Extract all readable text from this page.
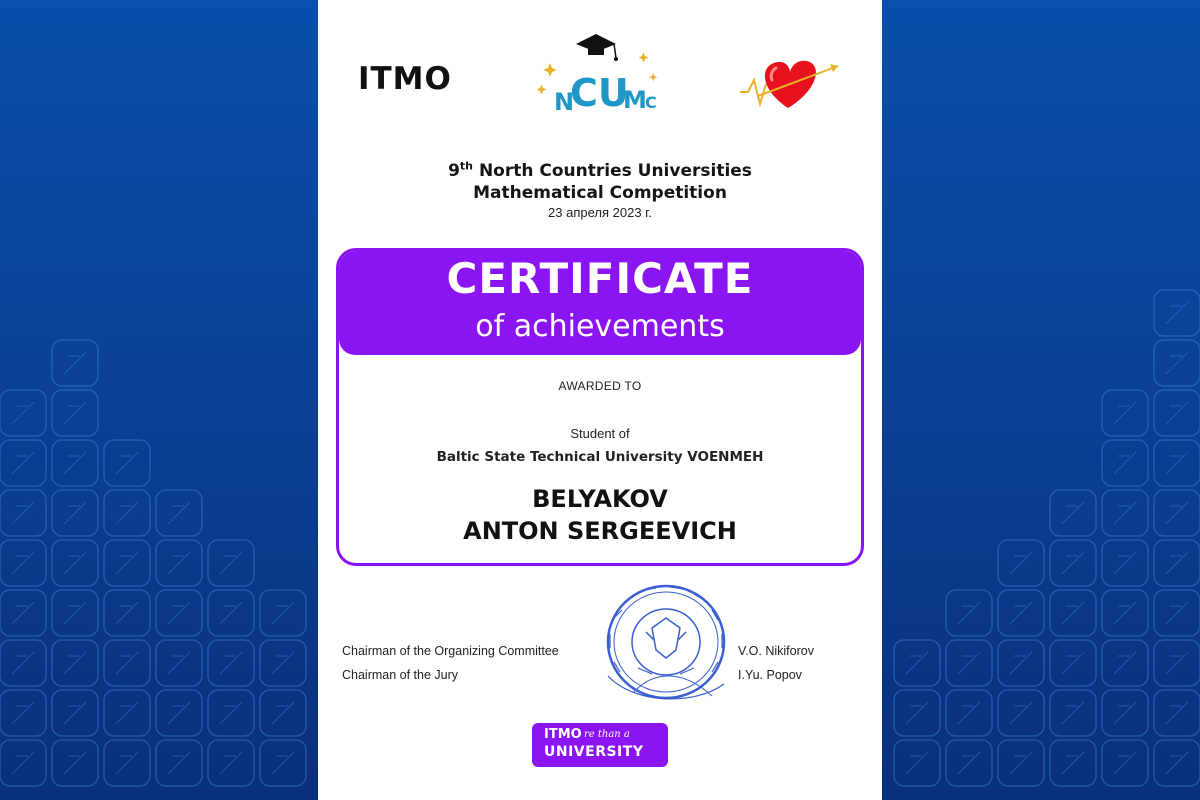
ITMO
N
CU
M
C
9th North Countries Universities
Mathematical Competition
23 апреля 2023 г.
CERTIFICATE
of achievements
AWARDED TO
Student of
Baltic State Technical University VOENMEH
BELYAKOV
ANTON SERGEEVICH
Chairman of the Organizing Committee	V.O. Nikiforov
Chairman of the Jury	I.Yu. Popov
ITMO re than a
UNIVERSITY
